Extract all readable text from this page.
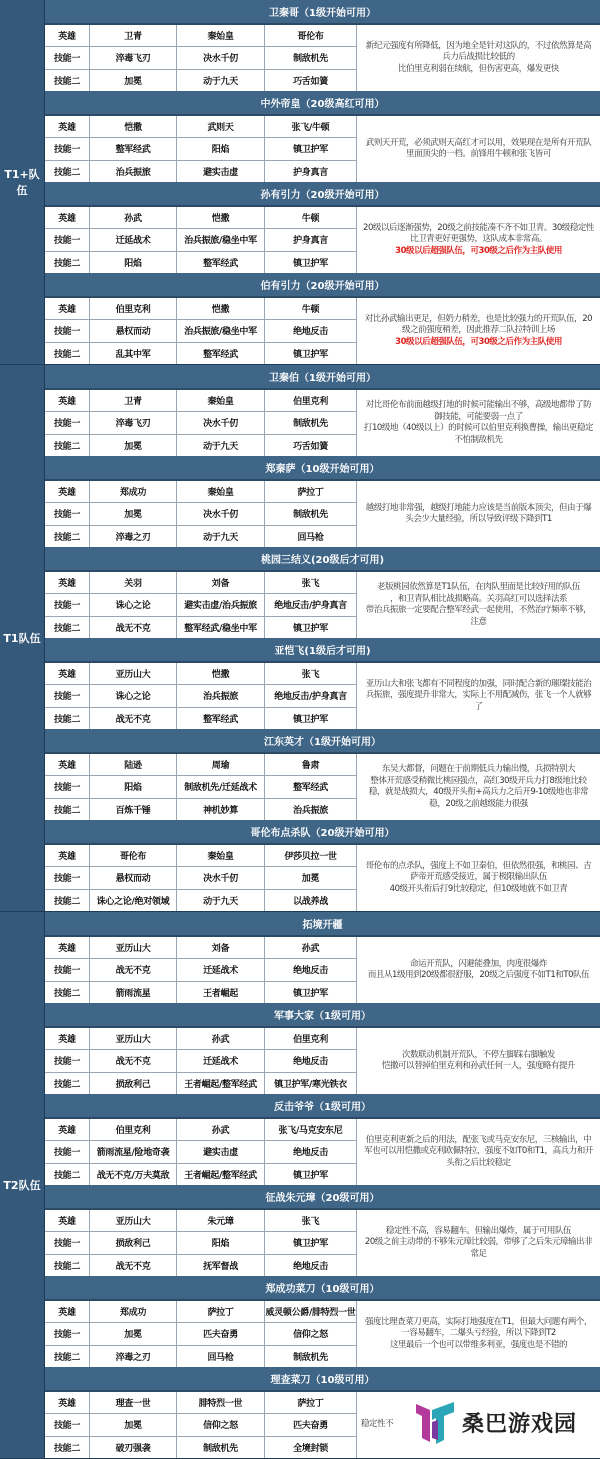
T1+队伍
卫秦哥（1级开始可用）
英雄	卫青	秦始皇	哥伦布
技能一	淬毒飞刃	决水千仞	制敌机先
技能二	加冕	动于九天	巧舌如簧
新纪元强度有所降低，因为地全是针对这队的，不过依然算是高
兵力后战损比较低的
比伯里克利弱在续航，但伤害更高，爆发更快
中外帝皇（20级高红可用）
英雄	恺撒	武则天	张飞/牛顿
技能一	整军经武	阳焰	镇卫护军
技能二	治兵振旅	避实击虚	护身真言
武则天开荒，必须武则天高红才可以用，效果现在是所有开荒队
里面顶尖的一档。前锋用牛顿和张飞皆可
孙有引力（20级开始可用）
英雄	孙武	恺撒	牛顿
技能一	迁延战术	治兵振旅/稳坐中军	护身真言
技能二	阳焰	整军经武	镇卫护军
20级以后逐渐强势，20级之前技能凑不齐不如卫青。30级稳定性
比卫青更好更强势，这队成本非常高。
30级以后超强队伍，可30级之后作为主队使用
伯有引力（20级开始可用）
英雄	伯里克利	恺撒	牛顿
技能一	悬权而动	治兵振旅/稳坐中军	绝地反击
技能二	乱其中军	整军经武	镇卫护军
对比孙武输出更足，但奶力稍差，也是比较强力的开荒队伍，20
级之前强度稍差，因此推荐二队拉特训上场
30级以后超强队伍，可30级之后作为主队使用
T1队伍
卫秦伯（1级开始可用）
英雄	卫青	秦始皇	伯里克利
技能一	淬毒飞刃	决水千仞	制敌机先
技能二	加冕	动于九天	巧舌如簧
对比哥伦布前面越级打地的时候可能输出不够，高级地都带了防
御技能，可能要弱一点了
打10级地（40级以上）的时候可以伯里克利换曹操，输出更稳定
不怕制敌机先
郑秦萨（10级开始可用）
英雄	郑成功	秦始皇	萨拉丁
技能一	加冕	决水千仞	制敌机先
技能二	淬毒之刃	动于九天	回马枪
越级打地非常强，越级打地能力应该是当前版本顶尖，但由于爆
头会少大量经验，所以导致评级下降到T1
桃园三结义(20级后才可用)
英雄	关羽	刘备	张飞
技能一	诛心之论	避实击虚/治兵振旅	绝地反击/护身真言
技能二	战无不克	整军经武/稳坐中军	镇卫护军
老版桃园依然算是T1队伍，在肉队里面是比较好用的队伍
，和卫青队相比战损略高。关羽高红可以选择法系
带治兵振旅一定要配合整军经武一起使用，不然治疗频率不够，
注意
亚恺飞(1级后才可用)
英雄	亚历山大	恺撒	张飞
技能一	诛心之论	治兵振旅	绝地反击/护身真言
技能二	战无不克	整军经武	镇卫护军
亚历山大和张飞都有不同程度的加强，同时配合新的璀璨技能治
兵振旅，强度提升非常大，实际上不用配减伤，张飞一个人就够
了
江东英才（1级开始可用）
英雄	陆逊	周瑜	鲁肃
技能一	阳焰	制敌机先/迁延战术	整军经武
技能二	百炼千锤	神机妙算	治兵振旅
东吴大都督，问题在于前期低兵力输出慢，兵损特别大
整体开荒感受稍微比桃园强点，高红30级开兵力打8级地比较
稳，就是战损大，40级开头衔+高兵力之后开9-10级地也非常
稳，20级之前越级能力很强
哥伦布点杀队（20级开始可用）
英雄	哥伦布	秦始皇	伊莎贝拉一世
技能一	悬权而动	决水千仞	加冕
技能二	诛心之论/绝对领域	动于九天	以战养战
哥伦布的点杀队，强度上不如卫秦伯，但依然很强，和桃园、吉
萨帝开荒感受接近，属于极限输出队伍
40级开头衔后打9比较稳定，但10级地就不如卫青
T2队伍
拓境开疆
英雄	亚历山大	刘备	孙武
技能一	战无不克	迁延战术	绝地反击
技能二	箭雨流星	王者崛起	镇卫护军
命运开荒队，闪避能叠加，肉度很爆炸
而且从1级用到20级都很舒服，20级之后强度不如T1和T0队伍
军事大家（1级可用）
英雄	亚历山大	孙武	伯里克利
技能一	战无不克	迁延战术	绝地反击
技能二	损敌利己	王者崛起/整军经武	镇卫护军/寒光铁衣
次数联动机制开荒队，不停左脚踩右脚触发
恺撒可以替掉伯里克利和孙武任何一人，强度略有提升
反击爷爷（1级可用）
英雄	伯里克利	孙武	张飞/马克安东尼
技能一	箭雨流星/险地奇袭	避实击虚	绝地反击
技能二	战无不克/万夫莫敌	王者崛起/整军经武	镇卫护军
伯里克利更新之后的用法，配张飞或马克安东尼，三核输出，中
军也可以用恺撒或克利欧佩特拉，强度不如T0和T1，高兵力和开
头衔之后比较稳定
征战朱元璋（20级可用）
英雄	亚历山大	朱元璋	张飞
技能一	损敌利己	阳焰	镇卫护军
技能二	战无不克	抚军督战	绝地反击
稳定性不高，容易翻车。但输出爆炸，属于可用队伍
20级之前主动带的不够朱元璋比较弱，带够了之后朱元璋输出非
常足
郑成功菜刀（10级可用）
英雄	郑成功	萨拉丁	威灵顿公爵/腓特烈一世
技能一	加冕	匹夫奋勇	信仰之怒
技能二	淬毒之刃	回马枪	制敌机先
强度比理查菜刀更高，实际打地强度在T1，但最大问题有两个，
一容易翻车，二爆头亏经验，所以下降到T2
这里最后一个也可以带维多利亚，强度也是不错的
理查菜刀（10级可用）
英雄	理查一世	腓特烈一世	萨拉丁
技能一	加冕	信仰之怒	匹夫奋勇
技能二	破刃强袭	制敌机先	全境封锁
稳定性不	桑巴游戏园
